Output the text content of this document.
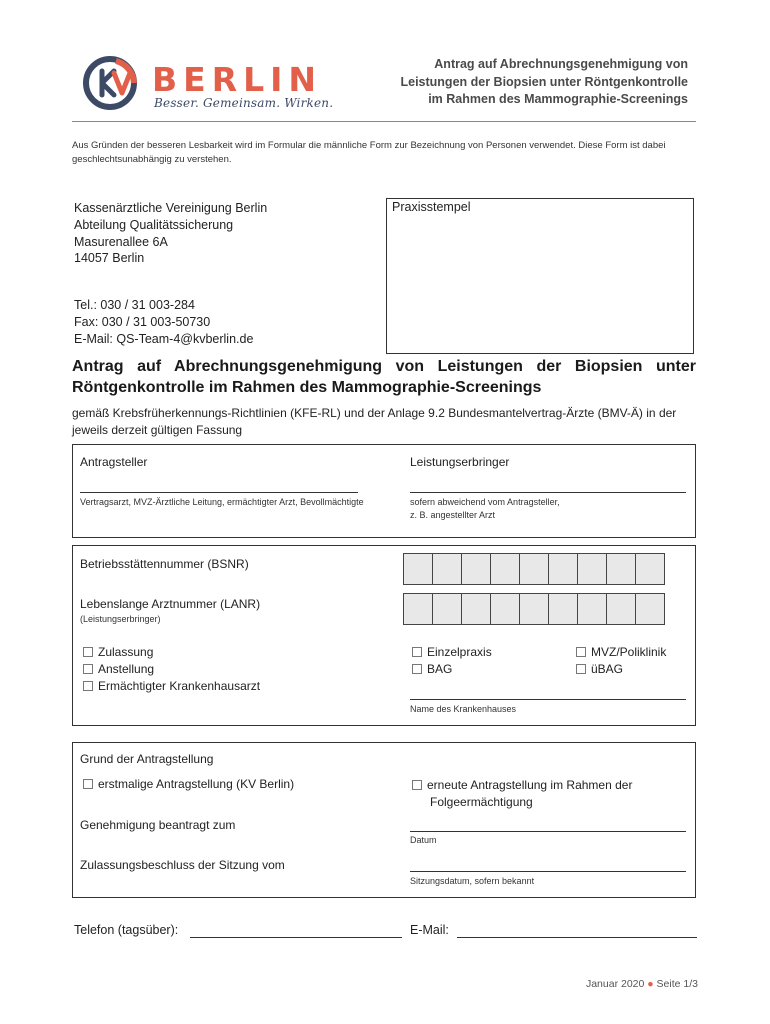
BERLIN
Besser. Gemeinsam. Wirken.
Antrag auf Abrechnungsgenehmigung von
Leistungen der Biopsien unter Röntgenkontrolle
im Rahmen des Mammographie-Screenings
Aus Gründen der besseren Lesbarkeit wird im Formular die männliche Form zur Bezeichnung von Personen verwendet. Diese Form ist dabei geschlechtsunabhängig zu verstehen.
Kassenärztliche Vereinigung Berlin
Abteilung Qualitätssicherung
Masurenallee 6A
14057 Berlin
Tel.: 030 / 31 003-284
Fax: 030 / 31 003-50730
E-Mail: QS-Team-4@kvberlin.de
Praxisstempel
Antrag auf Abrechnungsgenehmigung von Leistungen der Biopsien unter Röntgenkontrolle im Rahmen des Mammographie-Screenings
gemäß Krebsfrüherkennungs-Richtlinien (KFE-RL) und der Anlage 9.2 Bundesmantelvertrag-Ärzte (BMV-Ä) in der jeweils derzeit gültigen Fassung
Antragsteller
Vertragsarzt, MVZ-Ärztliche Leitung, ermächtigter Arzt, Bevollmächtigte
Leistungserbringer
sofern abweichend vom Antragsteller,
z. B. angestellter Arzt
Betriebsstättennummer (BSNR)
Lebenslange Arztnummer (LANR)
(Leistungserbringer)
Zulassung
Anstellung
Ermächtigter Krankenhausarzt
Einzelpraxis
BAG
MVZ/Poliklinik
üBAG
Name des Krankenhauses
Grund der Antragstellung
erstmalige Antragstellung (KV Berlin)	erneute Antragstellung im Rahmen der
Folgeermächtigung
Genehmigung beantragt zum
Datum
Zulassungsbeschluss der Sitzung vom
Sitzungsdatum, sofern bekannt
Telefon (tagsüber):	E-Mail:
Januar 2020 ● Seite 1/3
